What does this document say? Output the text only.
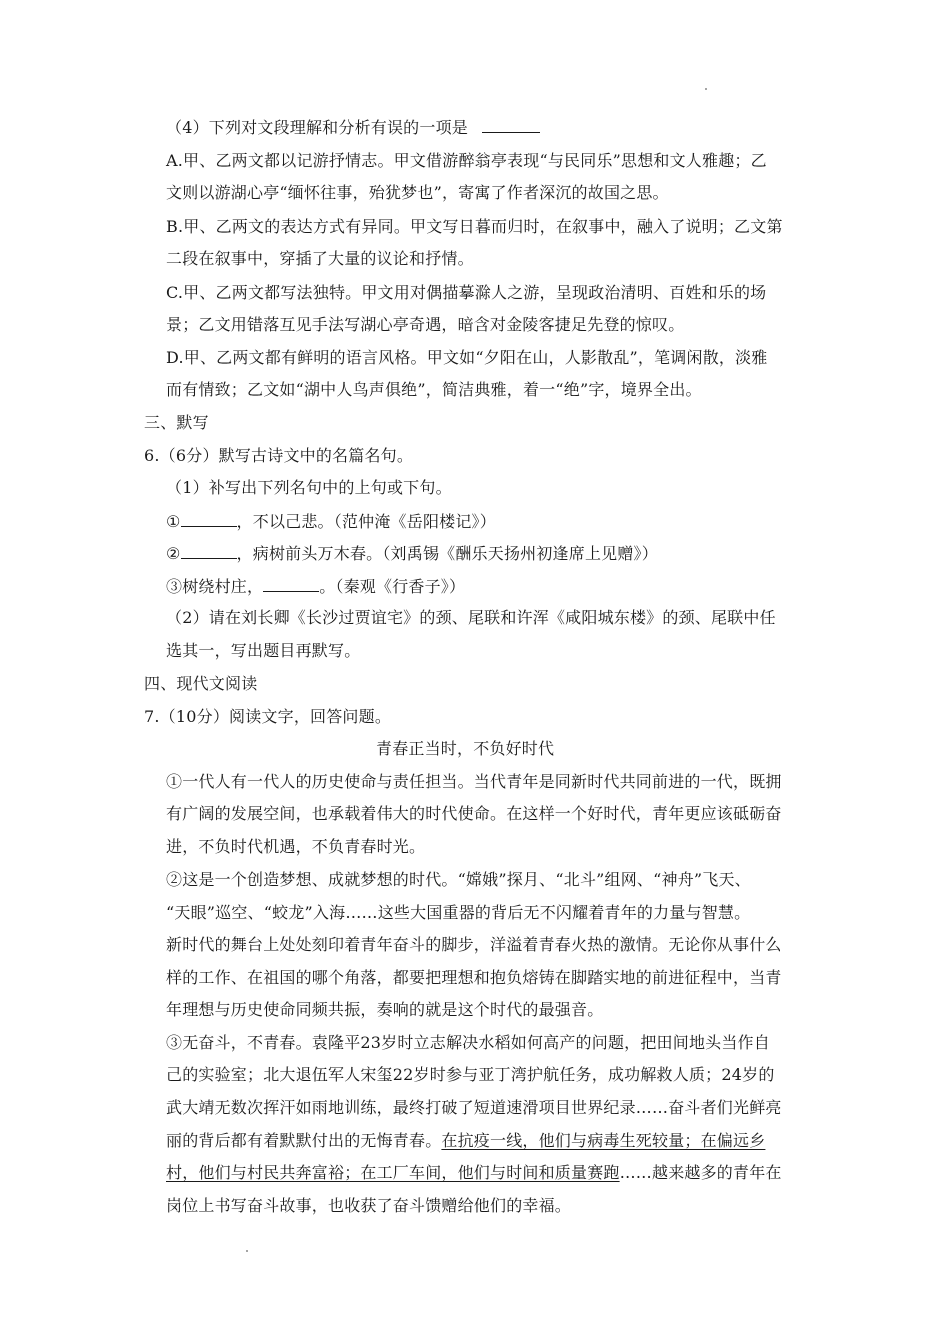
（4）下列对文段理解和分析有误的一项是
A.甲、乙两文都以记游抒情志。甲文借游醉翁亭表现“与民同乐”思想和文人雅趣；乙
文则以游湖心亭“缅怀往事，殆犹梦也”，寄寓了作者深沉的故国之思。
B.甲、乙两文的表达方式有异同。甲文写日暮而归时，在叙事中，融入了说明；乙文第
二段在叙事中，穿插了大量的议论和抒情。
C.甲、乙两文都写法独特。甲文用对偶描摹滁人之游，呈现政治清明、百姓和乐的场
景；乙文用错落互见手法写湖心亭奇遇，暗含对金陵客捷足先登的惊叹。
D.甲、乙两文都有鲜明的语言风格。甲文如“夕阳在山，人影散乱”，笔调闲散，淡雅
而有情致；乙文如“湖中人鸟声俱绝”，简洁典雅，着一“绝”字，境界全出。
三、默写
6.（6分）默写古诗文中的名篇名句。
（1）补写出下列名句中的上句或下句。
①	，不以己悲。（范仲淹《岳阳楼记》）
②	，病树前头万木春。（刘禹锡《酬乐天扬州初逢席上见赠》）
③树绕村庄，	。（秦观《行香子》）
（2）请在刘长卿《长沙过贾谊宅》的颈、尾联和许浑《咸阳城东楼》的颈、尾联中任
选其一，写出题目再默写。
四、现代文阅读
7.（10分）阅读文字，回答问题。
青春正当时，不负好时代
①一代人有一代人的历史使命与责任担当。当代青年是同新时代共同前进的一代，既拥
有广阔的发展空间，也承载着伟大的时代使命。在这样一个好时代，青年更应该砥砺奋
进，不负时代机遇，不负青春时光。
②这是一个创造梦想、成就梦想的时代。“嫦娥”探月、“北斗”组网、“神舟”飞天、
“天眼”巡空、“蛟龙”入海……这些大国重器的背后无不闪耀着青年的力量与智慧。
新时代的舞台上处处刻印着青年奋斗的脚步，洋溢着青春火热的激情。无论你从事什么
样的工作、在祖国的哪个角落，都要把理想和抱负熔铸在脚踏实地的前进征程中，当青
年理想与历史使命同频共振，奏响的就是这个时代的最强音。
③无奋斗，不青春。袁隆平23岁时立志解决水稻如何高产的问题，把田间地头当作自
己的实验室；北大退伍军人宋玺22岁时参与亚丁湾护航任务，成功解救人质；24岁的
武大靖无数次挥汗如雨地训练，最终打破了短道速滑项目世界纪录……奋斗者们光鲜亮
丽的背后都有着默默付出的无悔青春。在抗疫一线，他们与病毒生死较量；在偏远乡
村，他们与村民共奔富裕；在工厂车间，他们与时间和质量赛跑……越来越多的青年在
岗位上书写奋斗故事，也收获了奋斗馈赠给他们的幸福。
